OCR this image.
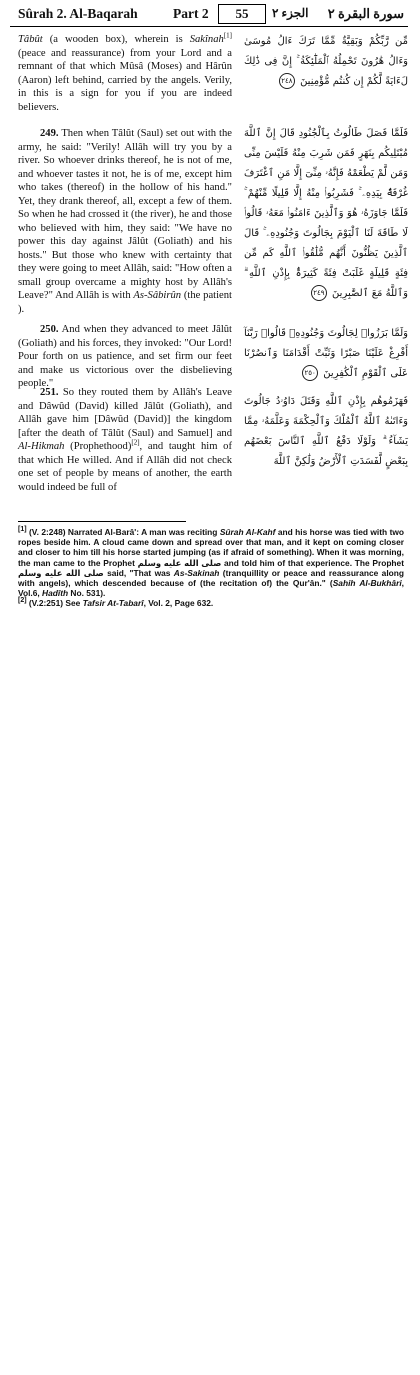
Sûrah 2. Al-Baqarah	Part 2	55	الجزء ٢ سورة البقرة ٢

Tâbût (a wooden box), wherein is Sakînah[1] (peace and reassurance) from your Lord and a remnant of that which Mûsâ (Moses) and Hârûn (Aaron) left behind, carried by the angels. Verily, in this is a sign for you if you are indeed believers.

249. Then when Tâlût (Saul) set out with the army, he said: "Verily! Allâh will try you by a river. So whoever drinks thereof, he is not of me, and whoever tastes it not, he is of me, except him who takes (thereof) in the hollow of his hand." Yet, they drank thereof, all, except a few of them. So when he had crossed it (the river), he and those who believed with him, they said: "We have no power this day against Jâlût (Goliath) and his hosts." But those who knew with certainty that they were going to meet Allâh, said: "How often a small group overcame a mighty host by Allâh's Leave?" And Allâh is with As-Sâbirûn (the patient ).

250. And when they advanced to meet Jâlût (Goliath) and his forces, they invoked: "Our Lord! Pour forth on us patience, and set firm our feet and make us victorious over the disbelieving people."

251. So they routed them by Allâh's Leave and Dâwûd (David) killed Jâlût (Goliath), and Allâh gave him [Dâwûd (David)] the kingdom [after the death of Tâlût (Saul) and Samuel] and Al-Hikmah (Prophethood)[2], and taught him of that which He willed. And if Allâh did not check one set of people by means of another, the earth would indeed be full of

مِّن رَّبِّكُمْ وَبَقِيَّةٌ مِّمَّا تَرَكَ ءَالُ مُوسَىٰ وَءَالُ هَٰرُونَ تَحْمِلُهُ ٱلْمَلَٰٓئِكَةُ ۚ إِنَّ فِى ذَٰلِكَ لَءَايَةً لَّكُمْ إِن كُنتُم مُّؤْمِنِينَ ٢٤٨

فَلَمَّا فَصَلَ طَالُوتُ بِٱلْجُنُودِ قَالَ إِنَّ ٱللَّهَ مُبْتَلِيكُم بِنَهَرٍ فَمَن شَرِبَ مِنْهُ فَلَيْسَ مِنِّى وَمَن لَّمْ يَطْعَمْهُ فَإِنَّهُۥ مِنِّىٓ إِلَّا مَنِ ٱغْتَرَفَ غُرْفَةًۢ بِيَدِهِۦ ۚ فَشَرِبُوا۟ مِنْهُ إِلَّا قَلِيلًا مِّنْهُمْ ۚ فَلَمَّا جَاوَزَهُۥ هُوَ وَٱلَّذِينَ ءَامَنُوا۟ مَعَهُۥ قَالُوا۟ لَا طَاقَةَ لَنَا ٱلْيَوْمَ بِجَالُوتَ وَجُنُودِهِۦ ۚ قَالَ ٱلَّذِينَ يَظُنُّونَ أَنَّهُم مُّلَٰقُوا۟ ٱللَّهِ كَم مِّن فِئَةٍ قَلِيلَةٍ غَلَبَتْ فِئَةً كَثِيرَةًۢ بِإِذْنِ ٱللَّهِ ۗ وَٱللَّهُ مَعَ ٱلصَّٰبِرِينَ ٢٤٩

وَلَمَّا بَرَزُوا۟ لِجَالُوتَ وَجُنُودِهِۦ قَالُوا۟ رَبَّنَآ أَفْرِغْ عَلَيْنَا صَبْرًا وَثَبِّتْ أَقْدَامَنَا وَٱنصُرْنَا عَلَى ٱلْقَوْمِ ٱلْكَٰفِرِينَ ٢٥٠

فَهَزَمُوهُم بِإِذْنِ ٱللَّهِ وَقَتَلَ دَاوُۥدُ جَالُوتَ وَءَاتَىٰهُ ٱللَّهُ ٱلْمُلْكَ وَٱلْحِكْمَةَ وَعَلَّمَهُۥ مِمَّا يَشَآءُ ۗ وَلَوْلَا دَفْعُ ٱللَّهِ ٱلنَّاسَ بَعْضَهُم بِبَعْضٍ لَّفَسَدَتِ ٱلْأَرْضُ وَلَٰكِنَّ ٱللَّهَ

[1] (V. 2:248) Narrated Al-Barâ': A man was reciting Sûrah Al-Kahf and his horse was tied with two ropes beside him. A cloud came down and spread over that man, and it kept on coming closer and closer to him till his horse started jumping (as if afraid of something). When it was morning, the man came to the Prophet صلى الله عليه وسلم and told him of that experience. The Prophet صلى الله عليه وسلم said, "That was As-Sakinah (tranquillity or peace and reassurance along with angels), which descended because of (the recitation of) the Qur'ân." (Sahih Al-Bukhâri, Vol.6, Hadîth No. 531).

[2] (V.2:251) See Tafsir At-Tabarî, Vol. 2, Page 632.
